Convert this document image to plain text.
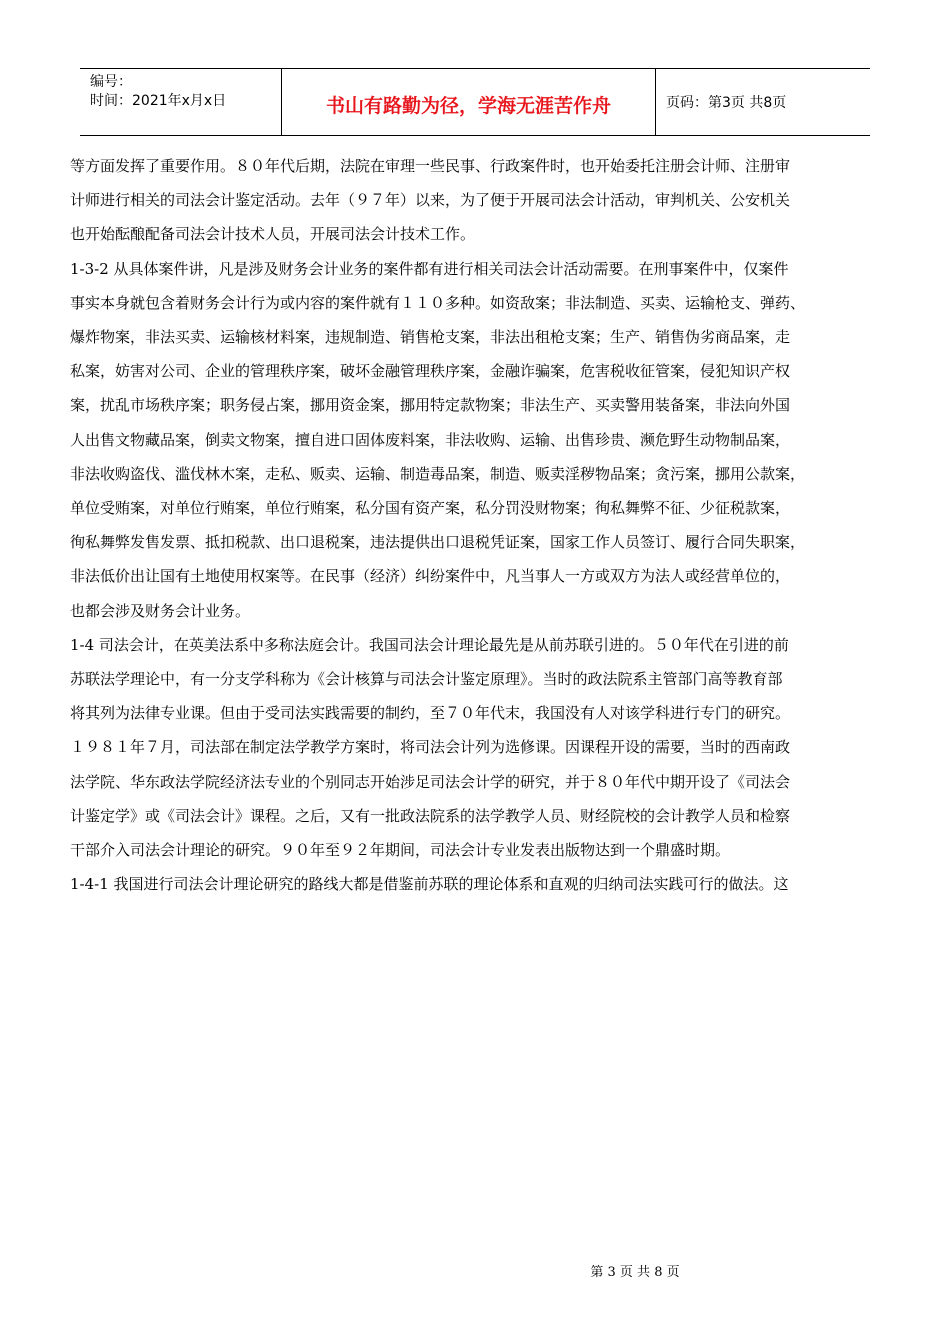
编号：
时间：2021年x月x日	书山有路勤为径，学海无涯苦作舟	页码：第3页 共8页

等方面发挥了重要作用。８０年代后期，法院在审理一些民事、行政案件时，也开始委托注册会计师、注册审
计师进行相关的司法会计鉴定活动。去年（９７年）以来，为了便于开展司法会计活动，审判机关、公安机关
也开始酝酿配备司法会计技术人员，开展司法会计技术工作。

1-3-2 从具体案件讲，凡是涉及财务会计业务的案件都有进行相关司法会计活动需要。在刑事案件中，仅案件
事实本身就包含着财务会计行为或内容的案件就有１１０多种。如资敌案；非法制造、买卖、运输枪支、弹药、
爆炸物案，非法买卖、运输核材料案，违规制造、销售枪支案，非法出租枪支案；生产、销售伪劣商品案，走
私案，妨害对公司、企业的管理秩序案，破坏金融管理秩序案，金融诈骗案，危害税收征管案，侵犯知识产权
案，扰乱市场秩序案；职务侵占案，挪用资金案，挪用特定款物案；非法生产、买卖警用装备案，非法向外国
人出售文物藏品案，倒卖文物案，擅自进口固体废料案，非法收购、运输、出售珍贵、濒危野生动物制品案，
非法收购盗伐、滥伐林木案，走私、贩卖、运输、制造毒品案，制造、贩卖淫秽物品案；贪污案，挪用公款案，
单位受贿案，对单位行贿案，单位行贿案，私分国有资产案，私分罚没财物案；徇私舞弊不征、少征税款案，
徇私舞弊发售发票、抵扣税款、出口退税案，违法提供出口退税凭证案，国家工作人员签订、履行合同失职案，
非法低价出让国有土地使用权案等。在民事（经济）纠纷案件中，凡当事人一方或双方为法人或经营单位的，
也都会涉及财务会计业务。

1-4 司法会计，在英美法系中多称法庭会计。我国司法会计理论最先是从前苏联引进的。５０年代在引进的前
苏联法学理论中，有一分支学科称为《会计核算与司法会计鉴定原理》。当时的政法院系主管部门高等教育部
将其列为法律专业课。但由于受司法实践需要的制约，至７０年代末，我国没有人对该学科进行专门的研究。
１９８１年７月，司法部在制定法学教学方案时，将司法会计列为选修课。因课程开设的需要，当时的西南政
法学院、华东政法学院经济法专业的个别同志开始涉足司法会计学的研究，并于８０年代中期开设了《司法会
计鉴定学》或《司法会计》课程。之后，又有一批政法院系的法学教学人员、财经院校的会计教学人员和检察
干部介入司法会计理论的研究。９０年至９２年期间，司法会计专业发表出版物达到一个鼎盛时期。

1-4-1 我国进行司法会计理论研究的路线大都是借鉴前苏联的理论体系和直观的归纳司法实践可行的做法。这

第 3 页 共 8 页
